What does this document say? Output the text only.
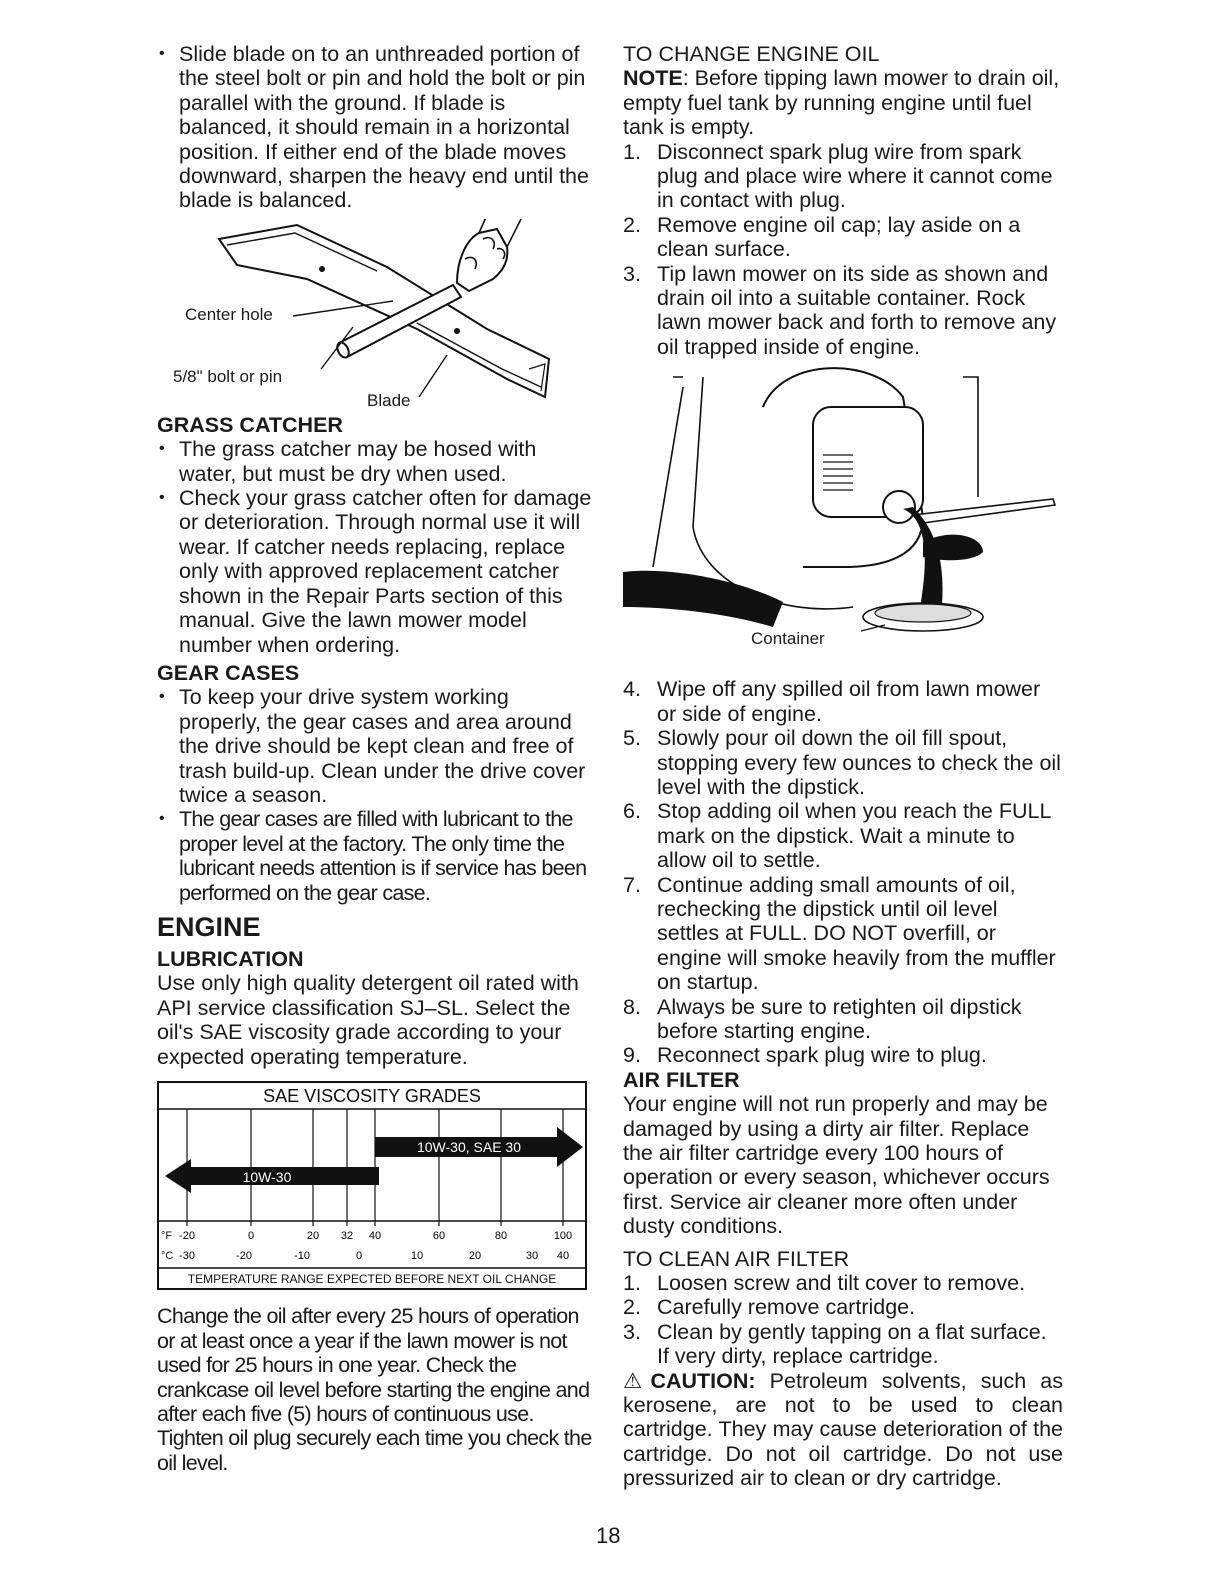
• Slide blade on to an unthreaded portion of the steel bolt or pin and hold the bolt or pin parallel with the ground. If blade is balanced, it should remain in a horizontal position. If either end of the blade moves downward, sharpen the heavy end until the blade is balanced.
Center hole
5/8" bolt or pin
Blade

GRASS CATCHER

• The grass catcher may be hosed with water, but must be dry when used.
• Check your grass catcher often for damage or deterioration. Through normal use it will wear. If catcher needs replacing, replace only with approved replacement catcher shown in the Repair Parts section of this manual. Give the lawn mower model number when ordering.

GEAR CASES

• To keep your drive system working properly, the gear cases and area around the drive should be kept clean and free of trash build-up. Clean under the drive cover twice a season.
• The gear cases are filled with lubricant to the proper level at the factory. The only time the lubricant needs attention is if service has been performed on the gear case.

ENGINE

LUBRICATION

Use only high quality detergent oil rated with API service classification SJ–SL. Select the oil's SAE viscosity grade according to your expected operating temperature.

SAE VISCOSITY GRADES
10W-30
10W-30, SAE 30
°F
°C
-20	0	20 32 40	60	80	100
-30	-20	-10	0	10	20	30 40
TEMPERATURE RANGE EXPECTED BEFORE NEXT OIL CHANGE

Change the oil after every 25 hours of operation or at least once a year if the lawn mower is not used for 25 hours in one year. Check the crankcase oil level before starting the engine and after each five (5) hours of continuous use. Tighten oil plug securely each time you check the oil level.

TO CHANGE ENGINE OIL

NOTE: Before tipping lawn mower to drain oil, empty fuel tank by running engine until fuel tank is empty.

1. Disconnect spark plug wire from spark plug and place wire where it cannot come in contact with plug.
2. Remove engine oil cap; lay aside on a clean surface.
3. Tip lawn mower on its side as shown and drain oil into a suitable container. Rock lawn mower back and forth to remove any oil trapped inside of engine.
Container
4. Wipe off any spilled oil from lawn mower or side of engine.
5. Slowly pour oil down the oil fill spout, stopping every few ounces to check the oil level with the dipstick.
6. Stop adding oil when you reach the FULL mark on the dipstick. Wait a minute to allow oil to settle.
7. Continue adding small amounts of oil, rechecking the dipstick until oil level settles at FULL. DO NOT overfill, or engine will smoke heavily from the muffler on startup.
8. Always be sure to retighten oil dipstick before starting engine.
9. Reconnect spark plug wire to plug.

AIR FILTER

Your engine will not run properly and may be damaged by using a dirty air filter. Replace the air filter cartridge every 100 hours of operation or every season, whichever occurs first. Service air cleaner more often under dusty conditions.

TO CLEAN AIR FILTER

1. Loosen screw and tilt cover to remove.
2. Carefully remove cartridge.
3. Clean by gently tapping on a flat surface. If very dirty, replace cartridge.

⚠CAUTION: Petroleum solvents, such as kerosene, are not to be used to clean cartridge. They may cause deterioration of the cartridge. Do not oil cartridge. Do not use pressurized air to clean or dry cartridge.

18
